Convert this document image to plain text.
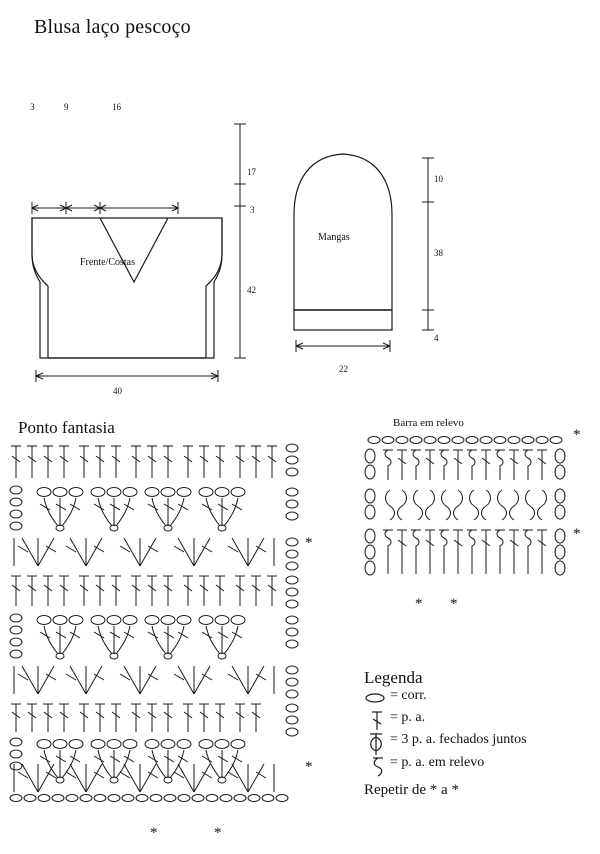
Blusa laço pescoço
3	9	16
17
3
42
40
Frente/Costas
10
38
4
22
Mangas
Ponto fantasia	Barra em relevo
*
*
*	*
*
*
* *
Legenda
= corr.
= p. a.
= 3 p. a. fechados juntos
= p. a. em relevo
Repetir de * a *
